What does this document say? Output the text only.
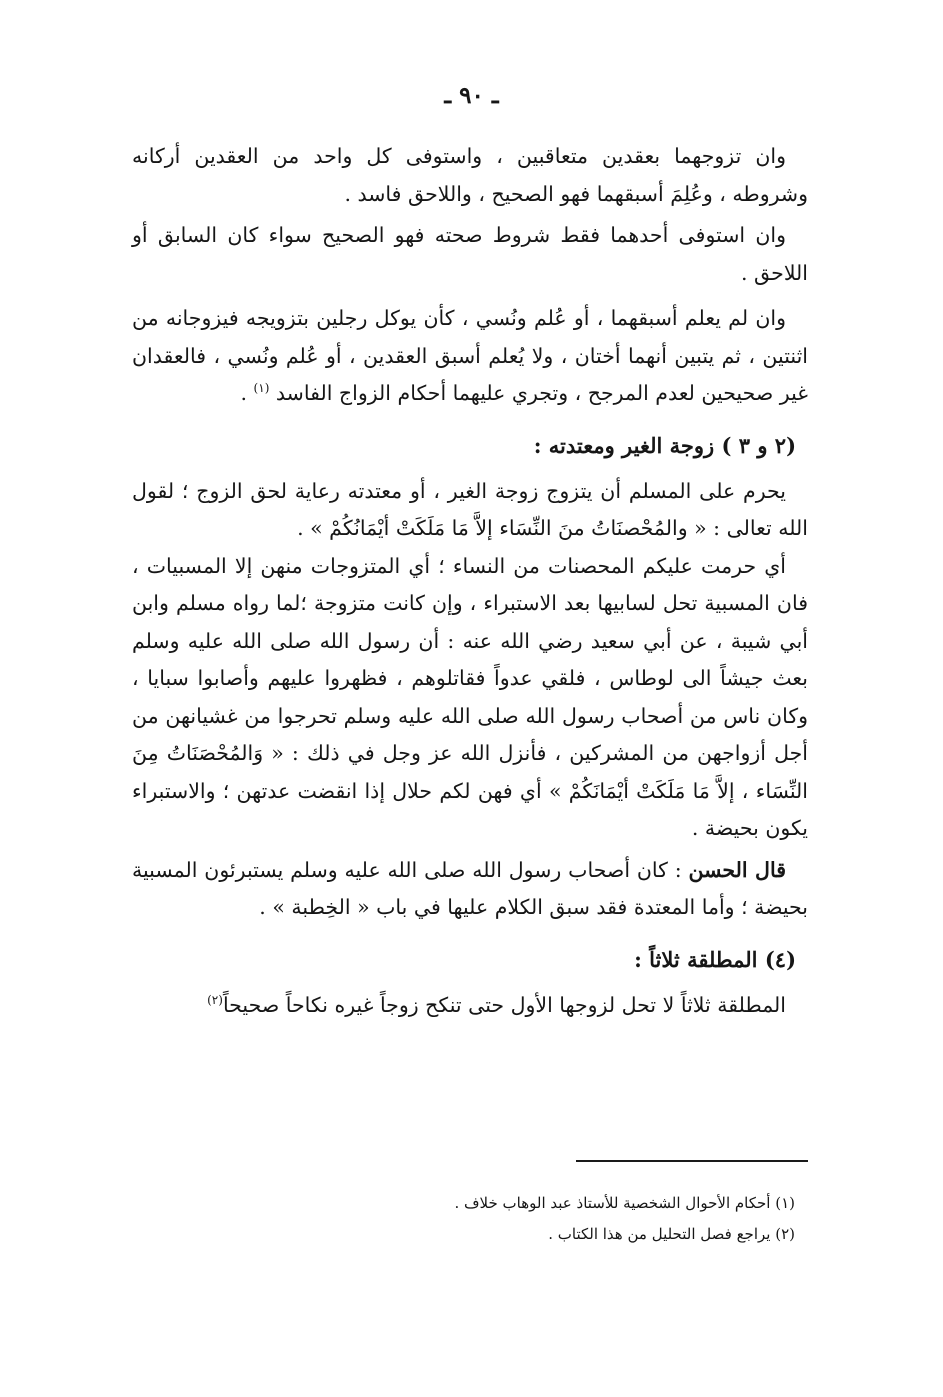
ـ ٩٠ ـ

وان تزوجهما بعقدين متعاقبين ، واستوفى كل واحد من العقدين أركانه وشروطه ، وعُلِمَ أسبقهما فهو الصحيح ، واللاحق فاسد .

وان استوفى أحدهما فقط شروط صحته فهو الصحيح سواء كان السابق أو اللاحق .

وان لم يعلم أسبقهما ، أو عُلم ونُسي ، كأن يوكل رجلين بتزويجه فيزوجانه من اثنتين ، ثم يتبين أنهما أختان ، ولا يُعلم أسبق العقدين ، أو عُلم ونُسي ، فالعقدان غير صحيحين لعدم المرجح ، وتجري عليهما أحكام الزواج الفاسد $^{(١)}$ .

(٢ و ٣ ) زوجة الغير ومعتدته :

يحرم على المسلم أن يتزوج زوجة الغير ، أو معتدته رعاية لحق الزوج ؛ لقول الله تعالى : « والمُحْصنَاتُ منَ النِّسَاء إلاَّ مَا مَلَكَتْ أيْمَانُكُمْ » .

أي حرمت عليكم المحصنات من النساء ؛ أي المتزوجات منهن إلا المسبيات ، فان المسبية تحل لسابيها بعد الاستبراء ، وإن كانت متزوجة ؛لما رواه مسلم وابن أبي شيبة ، عن أبي سعيد رضي الله عنه : أن رسول الله صلى الله عليه وسلم بعث جيشاً الى لوطاس ، فلقي عدواً فقاتلوهم ، فظهروا عليهم وأصابوا سبايا ، وكان ناس من أصحاب رسول الله صلى الله عليه وسلم تحرجوا من غشيانهن من أجل أزواجهن من المشركين ، فأنزل الله عز وجل في ذلك : « وَالمُحْصَنَاتُ مِنَ النِّسَاء ، إلاَّ مَا مَلَكَتْ أيْمَانَكُمْ » أي فهن لكم حلال إذا انقضت عدتهن ؛ والاستبراء يكون بحيضة .

قال الحسن : كان أصحاب رسول الله صلى الله عليه وسلم يستبرئون المسبية بحيضة ؛ وأما المعتدة فقد سبق الكلام عليها في باب « الخِطبة » .

(٤) المطلقة ثلاثاً :

المطلقة ثلاثاً لا تحل لزوجها الأول حتى تنكح زوجاً غيره نكاحاً صحيحاً$^{(٢)}$

(١) أحكام الأحوال الشخصية للأستاذ عبد الوهاب خلاف .

(٢) يراجع فصل التحليل من هذا الكتاب .
